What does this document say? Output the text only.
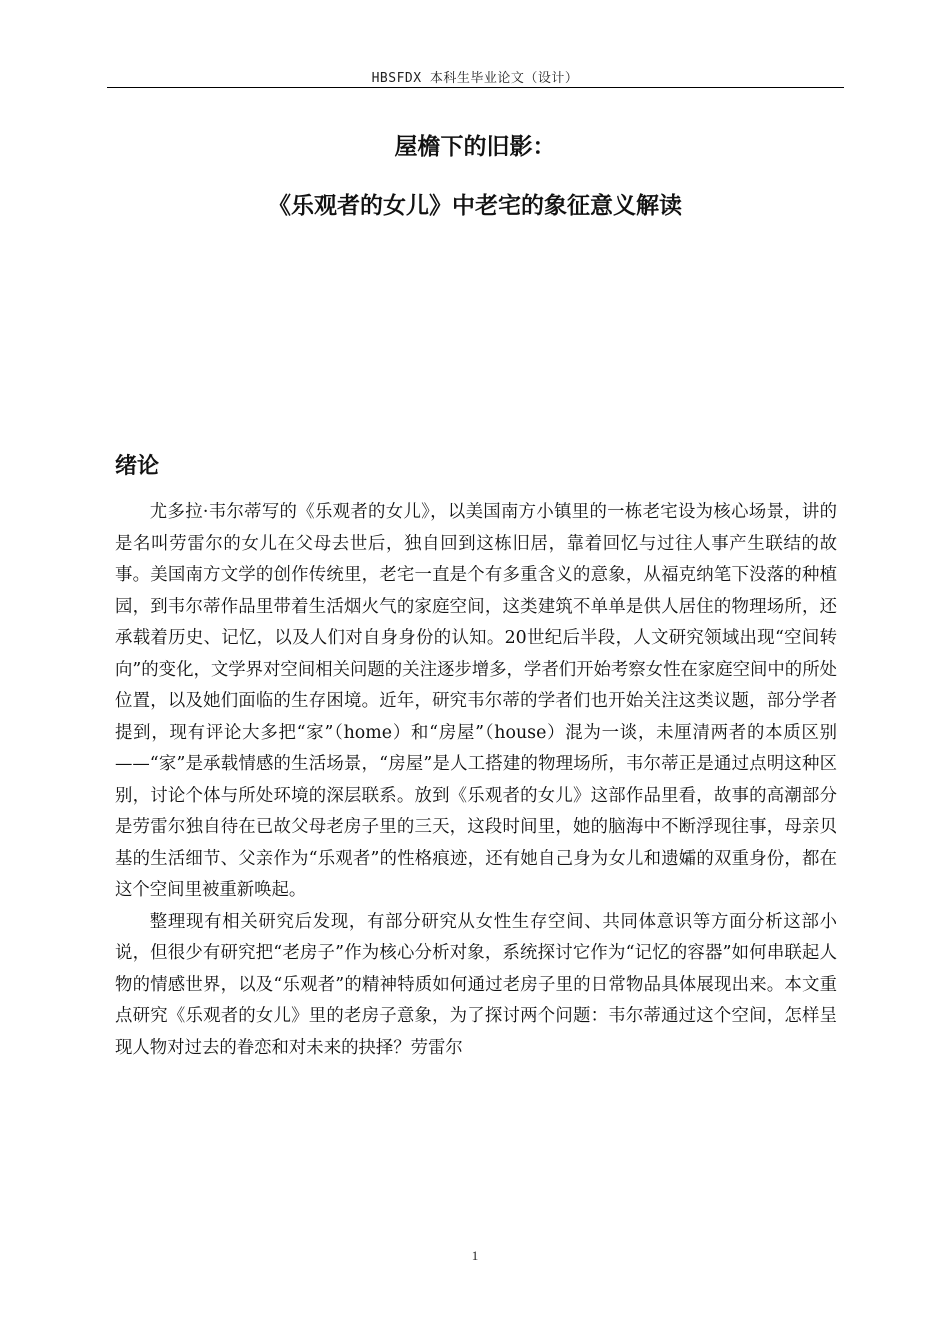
HBSFDX 本科生毕业论文（设计）
屋檐下的旧影：
《乐观者的女儿》中老宅的象征意义解读
绪论

尤多拉·韦尔蒂写的《乐观者的女儿》，以美国南方小镇里的一栋老宅设为核心场景，讲的是名叫劳雷尔的女儿在父母去世后，独自回到这栋旧居，靠着回忆与过往人事产生联结的故事。美国南方文学的创作传统里，老宅一直是个有多重含义的意象，从福克纳笔下没落的种植园，到韦尔蒂作品里带着生活烟火气的家庭空间，这类建筑不单单是供人居住的物理场所，还承载着历史、记忆，以及人们对自身身份的认知。20世纪后半段，人文研究领域出现“空间转向”的变化，文学界对空间相关问题的关注逐步增多，学者们开始考察女性在家庭空间中的所处位置，以及她们面临的生存困境。近年，研究韦尔蒂的学者们也开始关注这类议题，部分学者提到，现有评论大多把“家”（home）和“房屋”（house）混为一谈，未厘清两者的本质区别——“家”是承载情感的生活场景，“房屋”是人工搭建的物理场所，韦尔蒂正是通过点明这种区别，讨论个体与所处环境的深层联系。放到《乐观者的女儿》这部作品里看，故事的高潮部分是劳雷尔独自待在已故父母老房子里的三天，这段时间里，她的脑海中不断浮现往事，母亲贝基的生活细节、父亲作为“乐观者”的性格痕迹，还有她自己身为女儿和遗孀的双重身份，都在这个空间里被重新唤起。

整理现有相关研究后发现，有部分研究从女性生存空间、共同体意识等方面分析这部小说，但很少有研究把“老房子”作为核心分析对象，系统探讨它作为“记忆的容器”如何串联起人物的情感世界，以及“乐观者”的精神特质如何通过老房子里的日常物品具体展现出来。本文重点研究《乐观者的女儿》里的老房子意象，为了探讨两个问题：韦尔蒂通过这个空间，怎样呈现人物对过去的眷恋和对未来的抉择？劳雷尔

1
